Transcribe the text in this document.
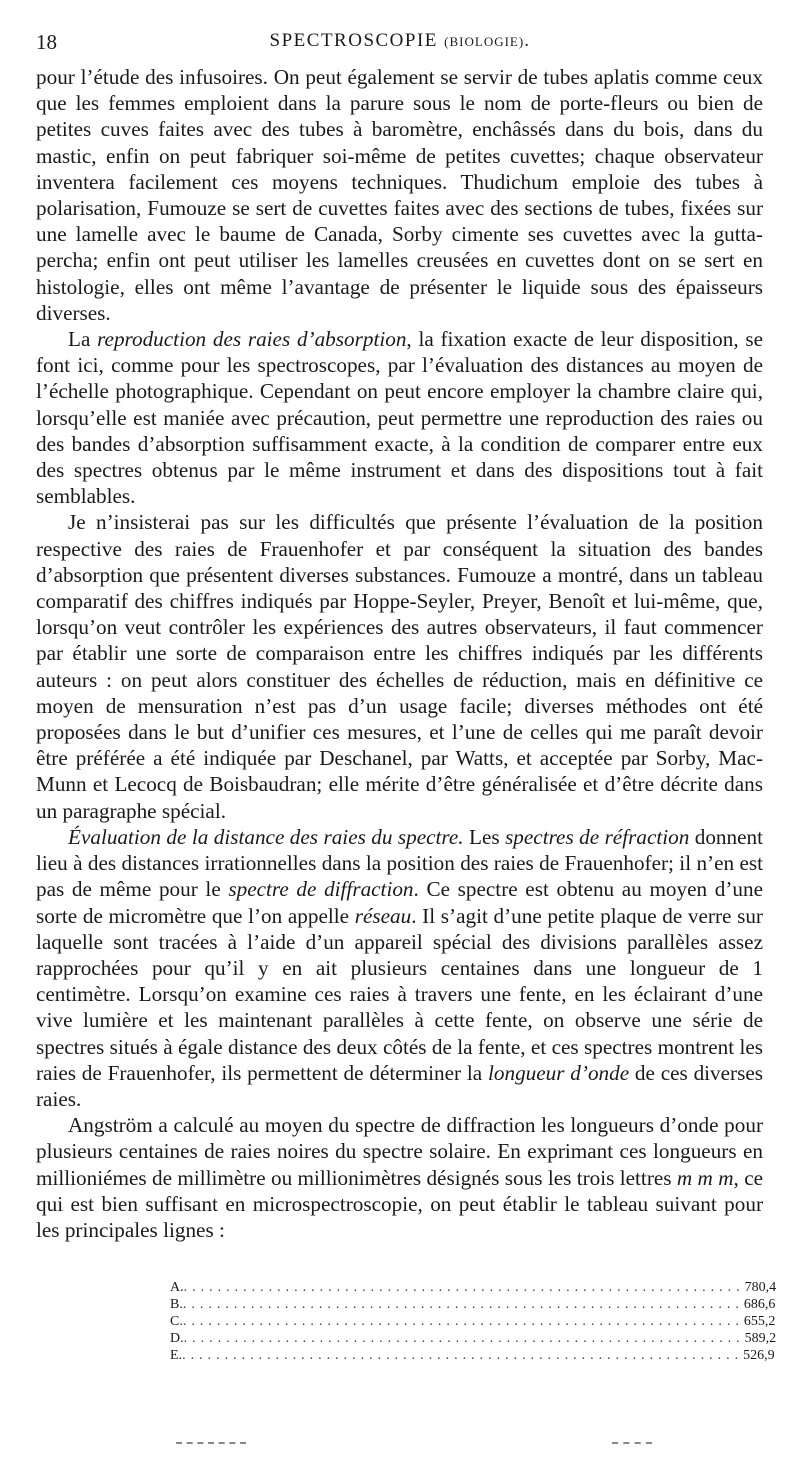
18	SPECTROSCOPIE (BIOLOGIE).

pour l’étude des infusoires. On peut également se servir de tubes aplatis comme ceux que les femmes emploient dans la parure sous le nom de porte-fleurs ou bien de petites cuves faites avec des tubes à baromètre, enchâssés dans du bois, dans du mastic, enfin on peut fabriquer soi-même de petites cuvettes; chaque observateur inventera facilement ces moyens techniques. Thudichum emploie des tubes à polarisation, Fumouze se sert de cuvettes faites avec des sections de tubes, fixées sur une lamelle avec le baume de Canada, Sorby cimente ses cuvettes avec la gutta-percha; enfin ont peut utiliser les lamelles creusées en cuvettes dont on se sert en histologie, elles ont même l’avantage de présenter le liquide sous des épaisseurs diverses.

La reproduction des raies d’absorption, la fixation exacte de leur disposition, se font ici, comme pour les spectroscopes, par l’évaluation des distances au moyen de l’échelle photographique. Cependant on peut encore employer la chambre claire qui, lorsqu’elle est maniée avec précaution, peut permettre une reproduction des raies ou des bandes d’absorption suffisamment exacte, à la condition de comparer entre eux des spectres obtenus par le même instrument et dans des dispositions tout à fait semblables.

Je n’insisterai pas sur les difficultés que présente l’évaluation de la position respective des raies de Frauenhofer et par conséquent la situation des bandes d’absorption que présentent diverses substances. Fumouze a montré, dans un tableau comparatif des chiffres indiqués par Hoppe-Seyler, Preyer, Benoît et lui-même, que, lorsqu’on veut contrôler les expériences des autres observateurs, il faut commencer par établir une sorte de comparaison entre les chiffres indiqués par les différents auteurs : on peut alors constituer des échelles de réduction, mais en définitive ce moyen de mensuration n’est pas d’un usage facile; diverses méthodes ont été proposées dans le but d’unifier ces mesures, et l’une de celles qui me paraît devoir être préférée a été indiquée par Deschanel, par Watts, et acceptée par Sorby, Mac-Munn et Lecocq de Boisbaudran; elle mérite d’être généralisée et d’être décrite dans un paragraphe spécial.

Évaluation de la distance des raies du spectre. Les spectres de réfraction donnent lieu à des distances irrationnelles dans la position des raies de Frauenhofer; il n’en est pas de même pour le spectre de diffraction. Ce spectre est obtenu au moyen d’une sorte de micromètre que l’on appelle réseau. Il s’agit d’une petite plaque de verre sur laquelle sont tracées à l’aide d’un appareil spécial des divisions parallèles assez rapprochées pour qu’il y en ait plusieurs centaines dans une longueur de 1 centimètre. Lorsqu’on examine ces raies à travers une fente, en les éclairant d’une vive lumière et les maintenant parallèles à cette fente, on observe une série de spectres situés à égale distance des deux côtés de la fente, et ces spectres montrent les raies de Frauenhofer, ils permettent de déterminer la longueur d’onde de ces diverses raies.

Angström a calculé au moyen du spectre de diffraction les longueurs d’onde pour plusieurs centaines de raies noires du spectre solaire. En exprimant ces longueurs en millioniémes de millimètre ou millionimètres désignés sous les trois lettres m m m, ce qui est bien suffisant en microspectroscopie, on peut établir le tableau suivant pour les principales lignes :

A. .................................................................. 780,4
B. .................................................................. 686,6
C. .................................................................. 655,2
D. .................................................................. 589,2
E. .................................................................. 526,9
